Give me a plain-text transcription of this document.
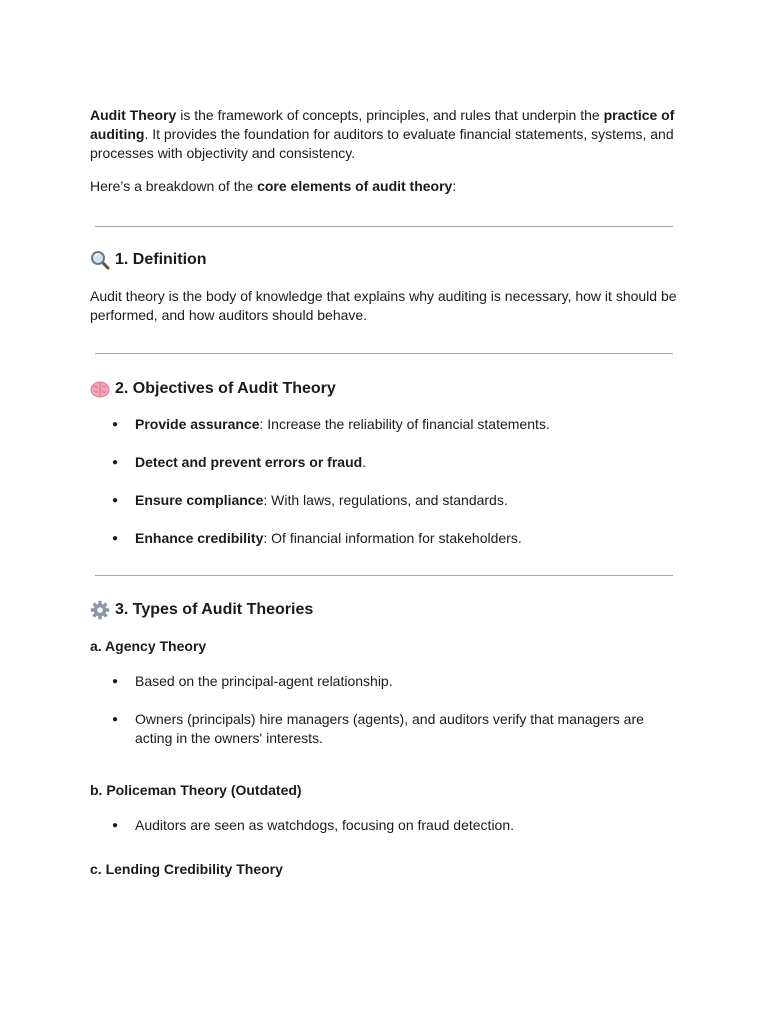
Audit Theory is the framework of concepts, principles, and rules that underpin the practice of auditing. It provides the foundation for auditors to evaluate financial statements, systems, and processes with objectivity and consistency.

Here’s a breakdown of the core elements of audit theory:

1. Definition

Audit theory is the body of knowledge that explains why auditing is necessary, how it should be performed, and how auditors should behave.

2. Objectives of Audit Theory
● Provide assurance: Increase the reliability of financial statements.
● Detect and prevent errors or fraud.
● Ensure compliance: With laws, regulations, and standards.
● Enhance credibility: Of financial information for stakeholders.
3. Types of Audit Theories
a. Agency Theory
● Based on the principal-agent relationship.
● Owners (principals) hire managers (agents), and auditors verify that managers are acting in the owners' interests.
b. Policeman Theory (Outdated)
● Auditors are seen as watchdogs, focusing on fraud detection.
c. Lending Credibility Theory
